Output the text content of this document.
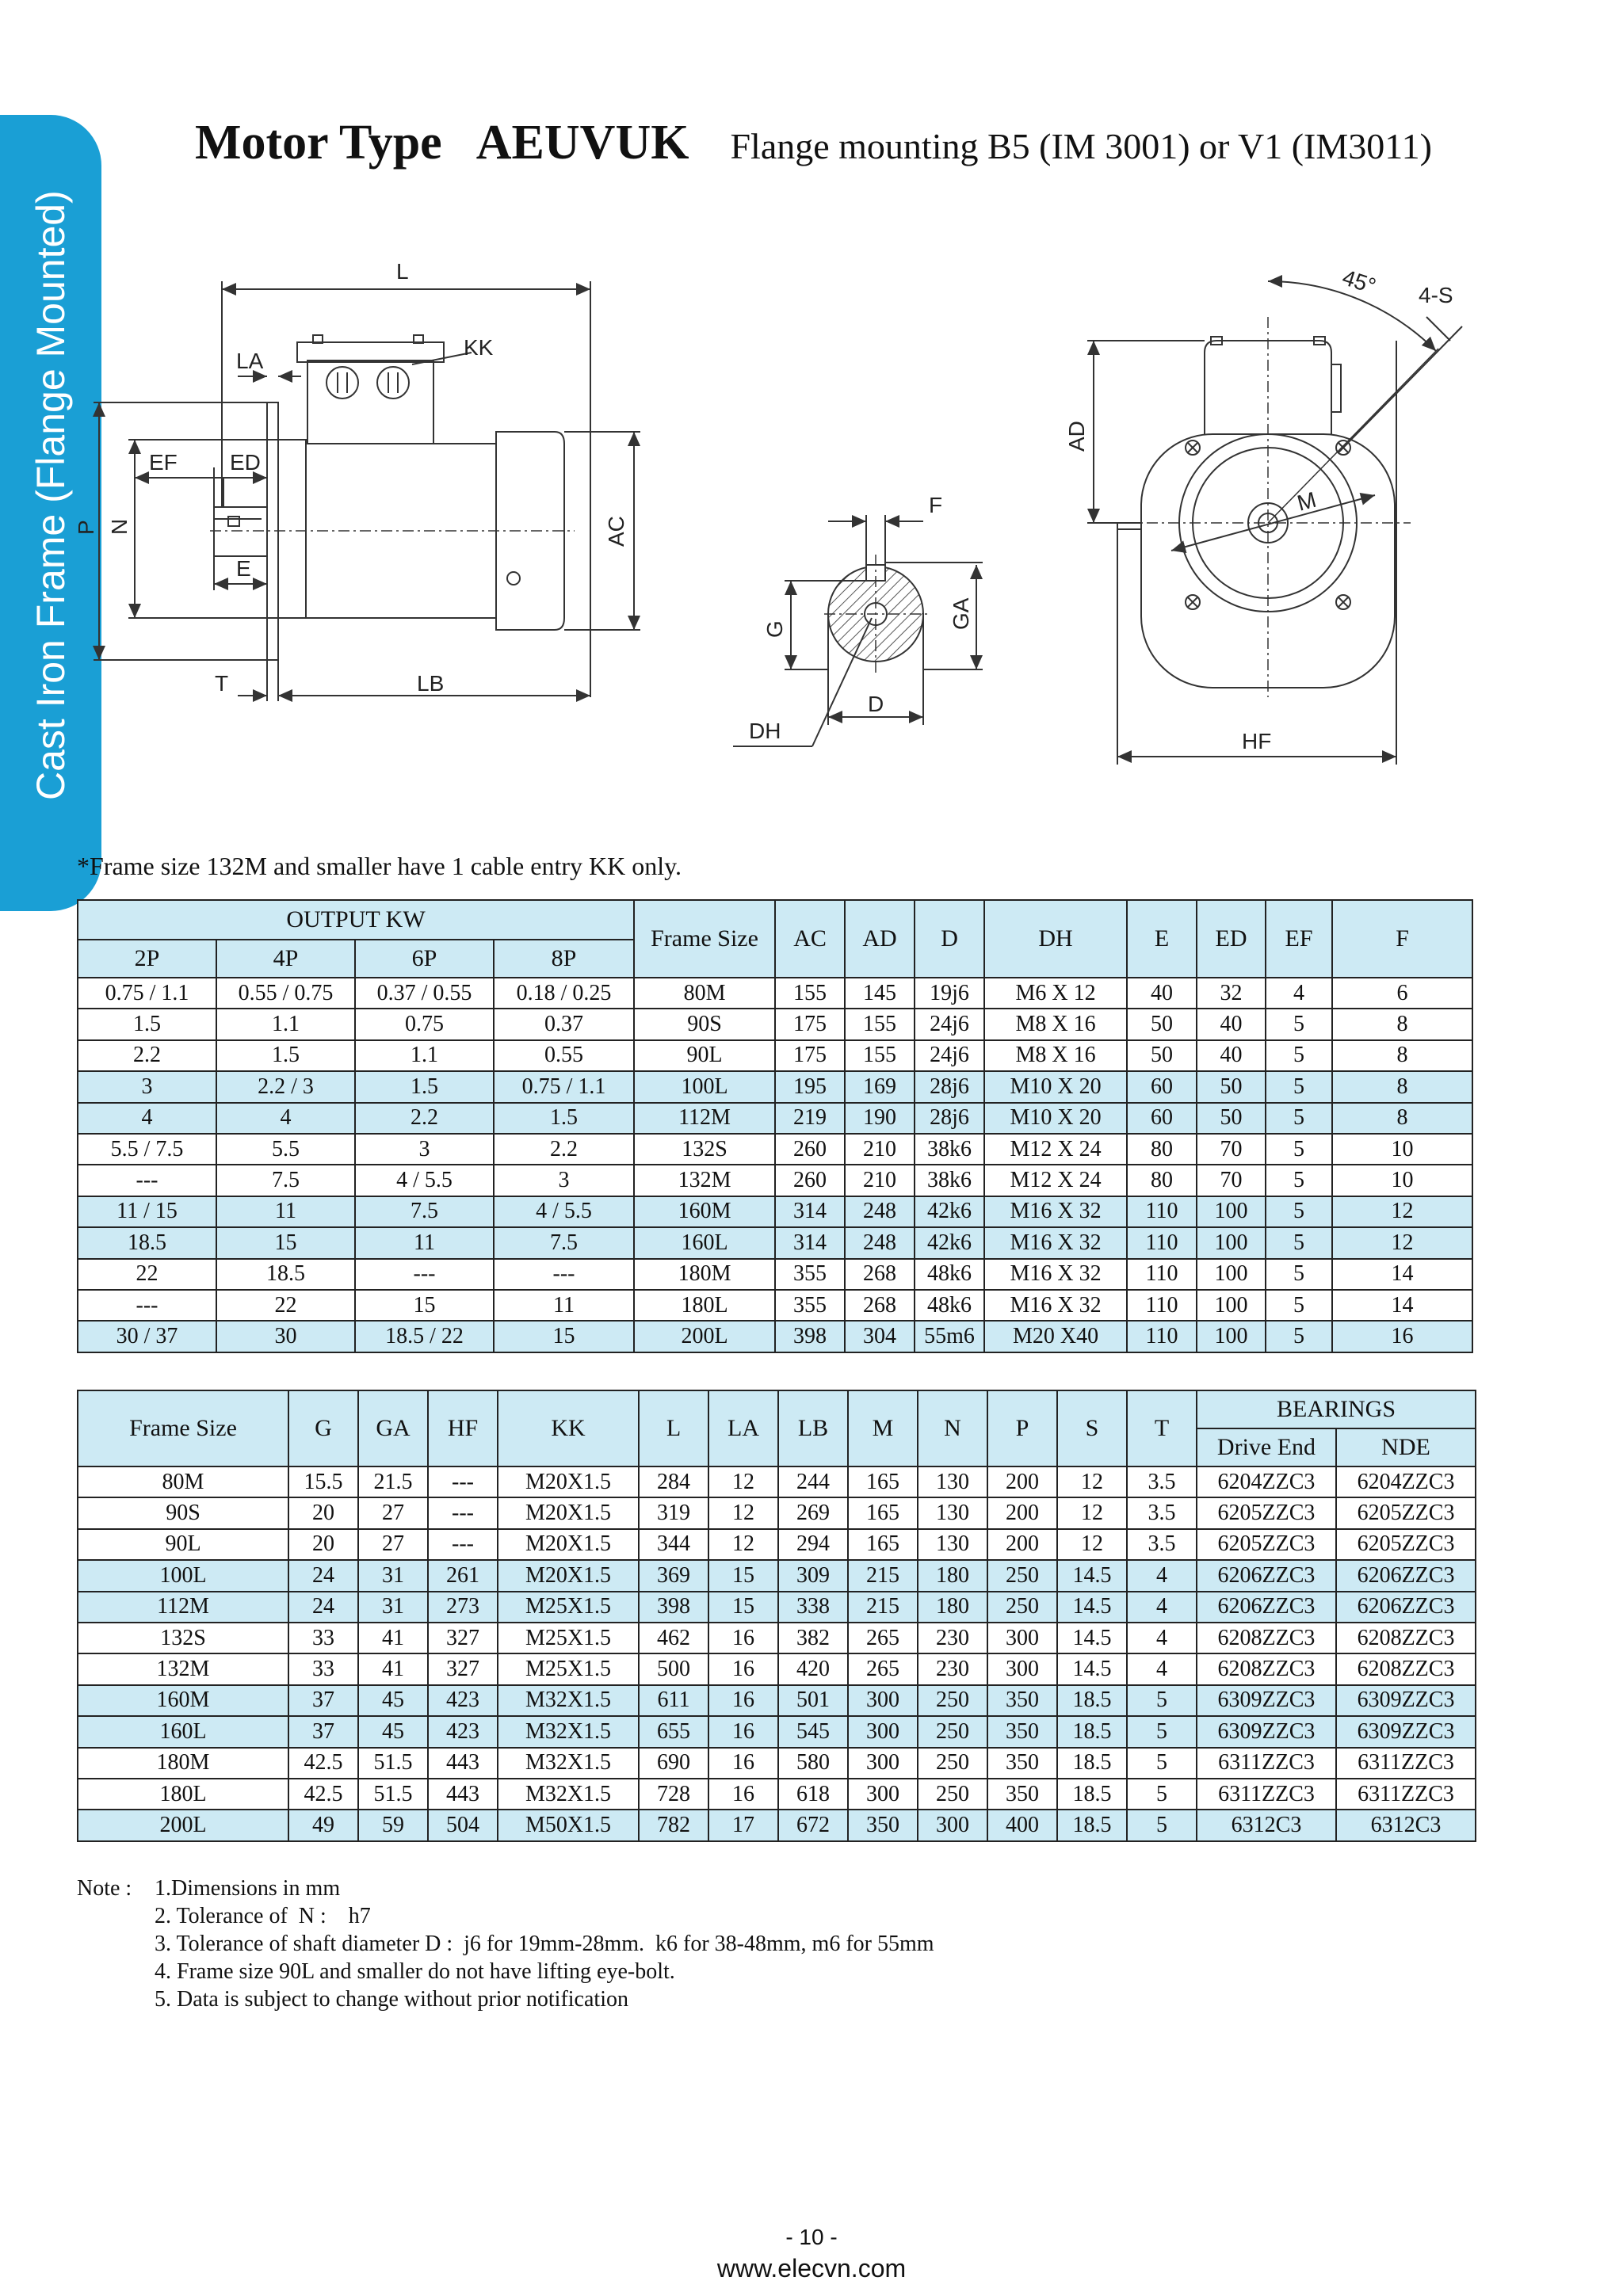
Cast Iron Frame (Flange Mounted)
Motor Type   AEUVUK Flange mounting B5 (IM 3001) or V1 (IM3011)
L
LA
KK
EF ED
P N
E
AC
T	LB
F
G	GA
D
DH
45° 4-S
AD
M
HF
*Frame size 132M and smaller have 1 cable entry KK only.
OUTPUT KW				Frame Size	AC	AD	D	DH	E	ED	EF	F
2P	4P	6P	8P									
0.75 / 1.1	0.55 / 0.75	0.37 / 0.55	0.18 / 0.25	80M	155	145	19j6	M6 X 12	40	32	4	6
1.5	1.1	0.75	0.37	90S	175	155	24j6	M8 X 16	50	40	5	8
2.2	1.5	1.1	0.55	90L	175	155	24j6	M8 X 16	50	40	5	8
3	2.2 / 3	1.5	0.75 / 1.1	100L	195	169	28j6	M10 X 20	60	50	5	8
4	4	2.2	1.5	112M	219	190	28j6	M10 X 20	60	50	5	8
5.5 / 7.5	5.5	3	2.2	132S	260	210	38k6	M12 X 24	80	70	5	10
---	7.5	4 / 5.5	3	132M	260	210	38k6	M12 X 24	80	70	5	10
11 / 15	11	7.5	4 / 5.5	160M	314	248	42k6	M16 X 32	110	100	5	12
18.5	15	11	7.5	160L	314	248	42k6	M16 X 32	110	100	5	12
22	18.5	---	---	180M	355	268	48k6	M16 X 32	110	100	5	14
---	22	15	11	180L	355	268	48k6	M16 X 32	110	100	5	14
30 / 37	30	18.5 / 22	15	200L	398	304	55m6	M20 X40	110	100	5	16
Frame Size	G	GA	HF	KK	L	LA	LB	M	N	P	S	T	BEARINGS	
													Drive End	NDE
80M	15.5	21.5	---	M20X1.5	284	12	244	165	130	200	12	3.5	6204ZZC3	6204ZZC3
90S	20	27	---	M20X1.5	319	12	269	165	130	200	12	3.5	6205ZZC3	6205ZZC3
90L	20	27	---	M20X1.5	344	12	294	165	130	200	12	3.5	6205ZZC3	6205ZZC3
100L	24	31	261	M20X1.5	369	15	309	215	180	250	14.5	4	6206ZZC3	6206ZZC3
112M	24	31	273	M25X1.5	398	15	338	215	180	250	14.5	4	6206ZZC3	6206ZZC3
132S	33	41	327	M25X1.5	462	16	382	265	230	300	14.5	4	6208ZZC3	6208ZZC3
132M	33	41	327	M25X1.5	500	16	420	265	230	300	14.5	4	6208ZZC3	6208ZZC3
160M	37	45	423	M32X1.5	611	16	501	300	250	350	18.5	5	6309ZZC3	6309ZZC3
160L	37	45	423	M32X1.5	655	16	545	300	250	350	18.5	5	6309ZZC3	6309ZZC3
180M	42.5	51.5	443	M32X1.5	690	16	580	300	250	350	18.5	5	6311ZZC3	6311ZZC3
180L	42.5	51.5	443	M32X1.5	728	16	618	300	250	350	18.5	5	6311ZZC3	6311ZZC3
200L	49	59	504	M50X1.5	782	17	672	350	300	400	18.5	5	6312C3	6312C3
Note : 1.Dimensions in mm
2. Tolerance of  N :    h7
3. Tolerance of shaft diameter D :  j6 for 19mm-28mm.  k6 for 38-48mm, m6 for 55mm
4. Frame size 90L and smaller do not have lifting eye-bolt.
5. Data is subject to change without prior notification
- 10 -
www.elecvn.com
